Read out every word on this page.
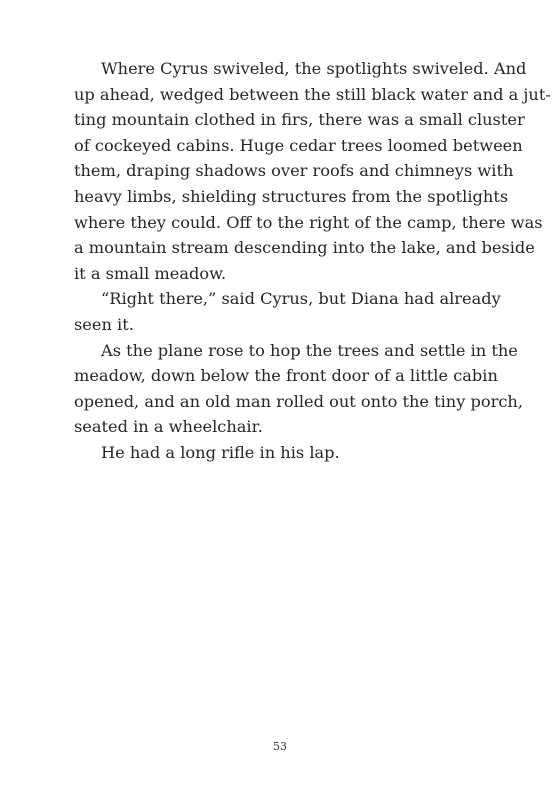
Where Cyrus swiveled, the spotlights swiveled. And
up ahead, wedged between the still black water and a jut-
ting mountain clothed in firs, there was a small cluster
of cockeyed cabins. Huge cedar trees loomed between
them, draping shadows over roofs and chimneys with
heavy limbs, shielding structures from the spotlights
where they could. Off to the right of the camp, there was
a mountain stream descending into the lake, and beside
it a small meadow.
“Right there,” said Cyrus, but Diana had already
seen it.
As the plane rose to hop the trees and settle in the
meadow, down below the front door of a little cabin
opened, and an old man rolled out onto the tiny porch,
seated in a wheelchair.
He had a long rifle in his lap.
53
